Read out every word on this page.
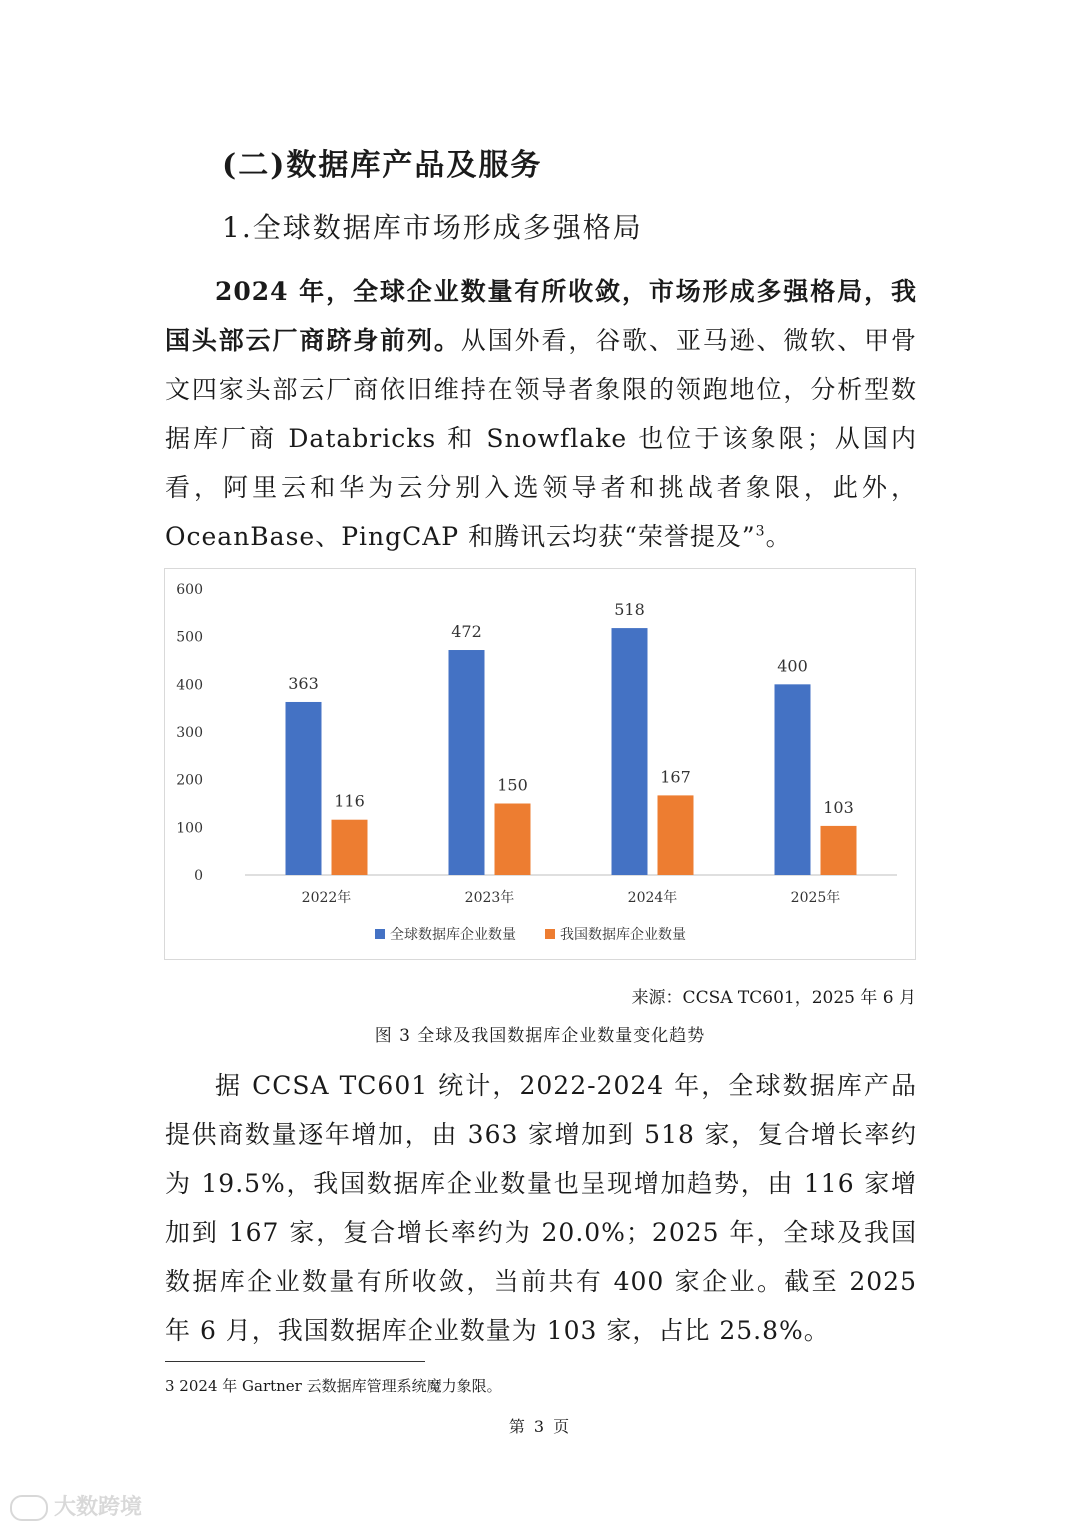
(二)数据库产品及服务
1.全球数据库市场形成多强格局
2024 年，全球企业数量有所收敛，市场形成多强格局，我国头部云厂商跻身前列。从国外看，谷歌、亚马逊、微软、甲骨文四家头部云厂商依旧维持在领导者象限的领跑地位，分析型数据库厂商 Databricks 和 Snowflake 也位于该象限；从国内看，阿里云和华为云分别入选领导者和挑战者象限，此外，OceanBase、PingCAP 和腾讯云均获“荣誉提及”$^3$。
0
100
200
300
400
500
600
363
116
2022年
472
150
2023年
518
167
2024年
400
103
2025年
全球数据库企业数量	我国数据库企业数量
来源：CCSA TC601，2025 年 6 月
图 3 全球及我国数据库企业数量变化趋势
据 CCSA TC601 统计，2022-2024 年，全球数据库产品提供商数量逐年增加，由 363 家增加到 518 家，复合增长率约为 19.5%，我国数据库企业数量也呈现增加趋势，由 116 家增加到 167 家，复合增长率约为 20.0%；2025 年，全球及我国数据库企业数量有所收敛，当前共有 400 家企业。截至 2025 年 6 月，我国数据库企业数量为 103 家，占比 25.8%。
3 2024 年 Gartner 云数据库管理系统魔力象限。
第 3 页
大数跨境
